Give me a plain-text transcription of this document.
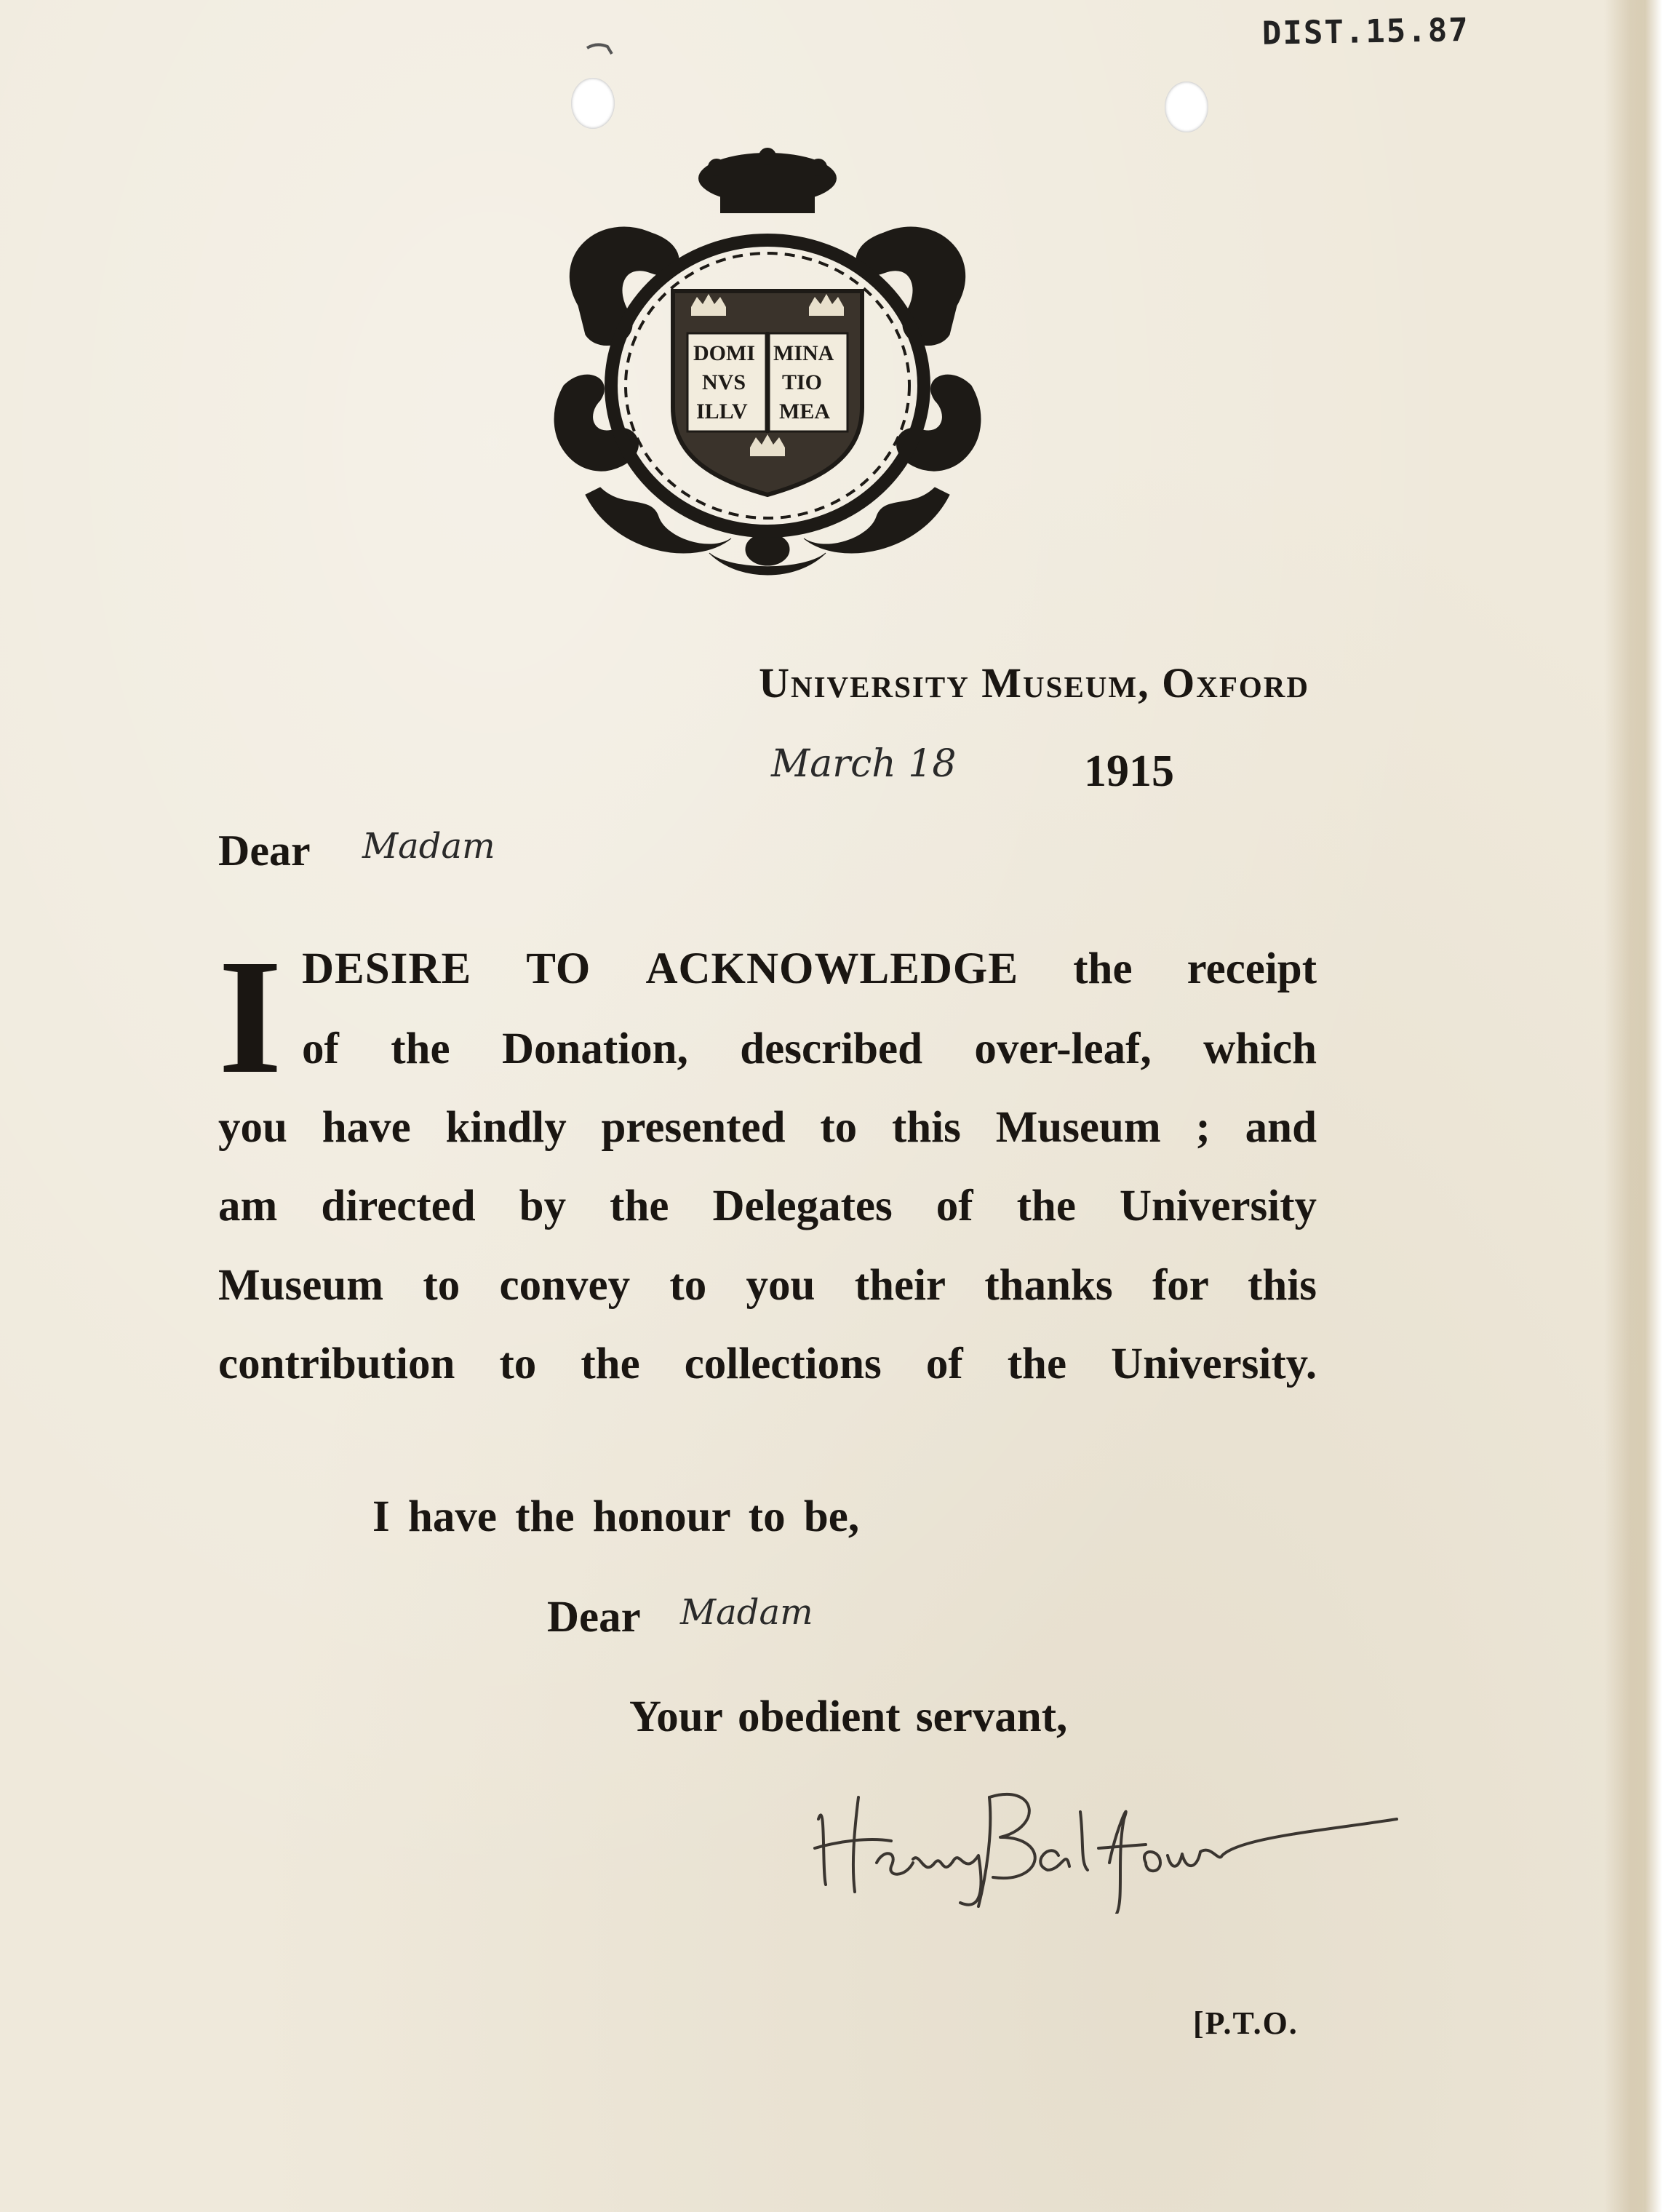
DIST.15.87
DOMI
NVS
ILLV
MINA
TIO
MEA
University Museum, Oxford
March 18	1915
Dear Madam
I DESIRE TO ACKNOWLEDGE the receipt
of the Donation, described over-leaf, which
you have kindly presented to this Museum ; and
am directed by the Delegates of the University
Museum to convey to you their thanks for this
contribution to the collections of the University.
I have the honour to be,
Dear	Madam
Your obedient servant,
[P.T.O.
